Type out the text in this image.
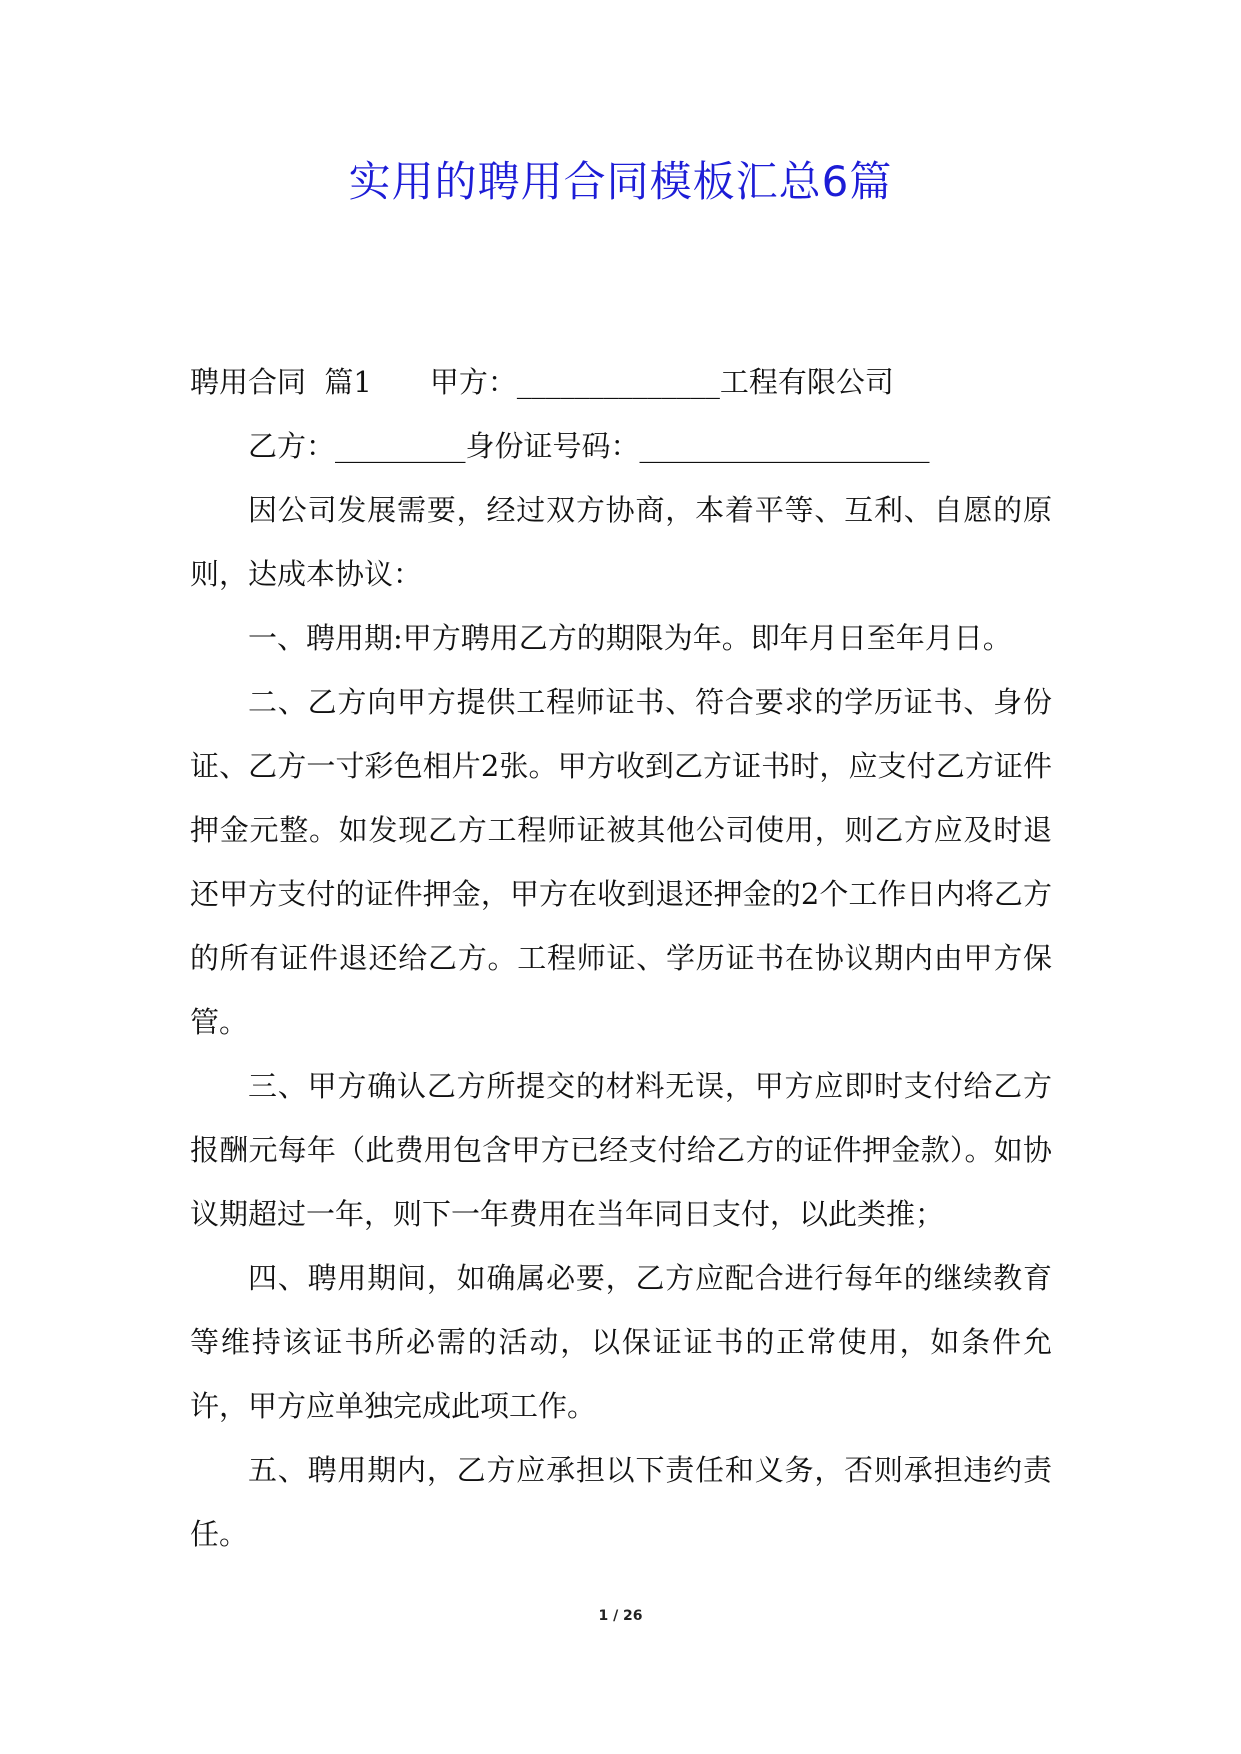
实用的聘用合同模板汇总6篇
聘用合同  篇1 甲方：______________工程有限公司
乙方：_________身份证号码：____________________

因公司发展需要，经过双方协商，本着平等、互利、自愿的原则，达成本协议：

一、聘用期:甲方聘用乙方的期限为年。即年月日至年月日。

二、乙方向甲方提供工程师证书、符合要求的学历证书、身份证、乙方一寸彩色相片2张。甲方收到乙方证书时，应支付乙方证件押金元整。如发现乙方工程师证被其他公司使用，则乙方应及时退还甲方支付的证件押金，甲方在收到退还押金的2个工作日内将乙方的所有证件退还给乙方。工程师证、学历证书在协议期内由甲方保管。

三、甲方确认乙方所提交的材料无误，甲方应即时支付给乙方报酬元每年（此费用包含甲方已经支付给乙方的证件押金款）。如协议期超过一年，则下一年费用在当年同日支付，以此类推；

四、聘用期间，如确属必要，乙方应配合进行每年的继续教育等维持该证书所必需的活动，以保证证书的正常使用，如条件允许，甲方应单独完成此项工作。

五、聘用期内，乙方应承担以下责任和义务，否则承担违约责任。

1 / 26
